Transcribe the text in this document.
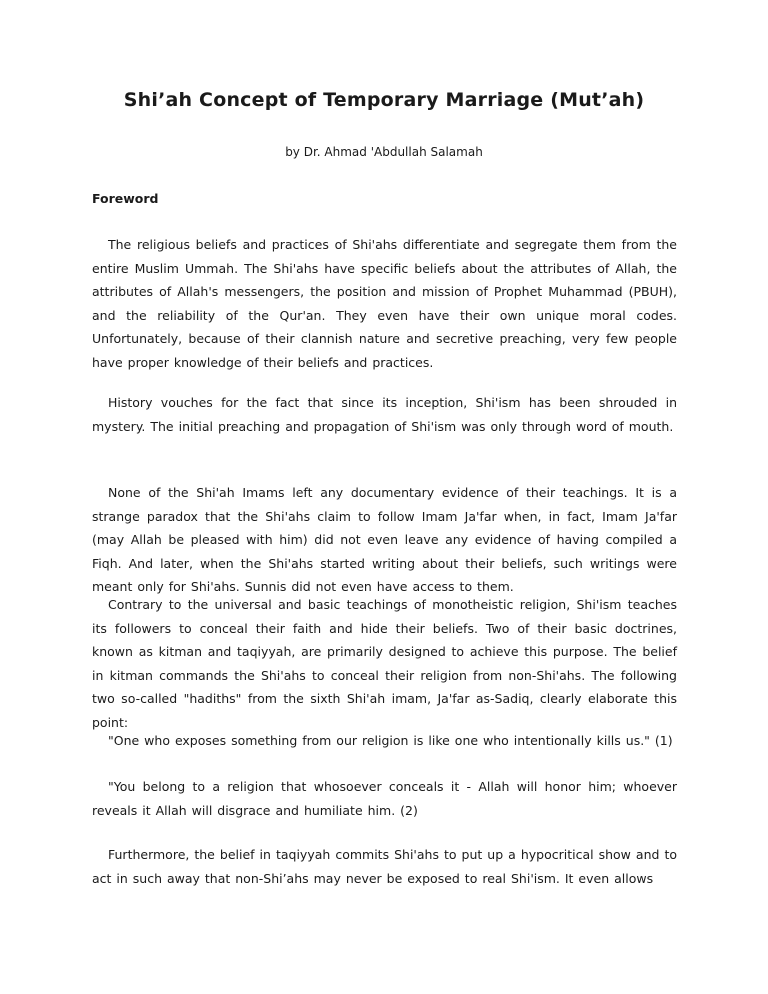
Shi’ah Concept of Temporary Marriage (Mut’ah)

by Dr. Ahmad 'Abdullah Salamah

Foreword

The religious beliefs and practices of Shi'ahs differentiate and segregate them from the entire Muslim Ummah. The Shi'ahs have specific beliefs about the attributes of Allah, the attributes of Allah's messengers, the position and mission of Prophet Muhammad (PBUH), and the reliability of the Qur'an. They even have their own unique moral codes. Unfortunately, because of their clannish nature and secretive preaching, very few people have proper knowledge of their beliefs and practices.

History vouches for the fact that since its inception, Shi'ism has been shrouded in mystery. The initial preaching and propagation of Shi'ism was only through word of mouth.

None of the Shi'ah Imams left any documentary evidence of their teachings. It is a strange paradox that the Shi'ahs claim to follow Imam Ja'far when, in fact, Imam Ja'far (may Allah be pleased with him) did not even leave any evidence of having compiled a Fiqh. And later, when the Shi'ahs started writing about their beliefs, such writings were meant only for Shi'ahs. Sunnis did not even have access to them.

Contrary to the universal and basic teachings of monotheistic religion, Shi'ism teaches its followers to conceal their faith and hide their beliefs. Two of their basic doctrines, known as kitman and taqiyyah, are primarily designed to achieve this purpose. The belief in kitman commands the Shi'ahs to conceal their religion from non-Shi'ahs. The following two so-called "hadiths" from the sixth Shi'ah imam, Ja'far as-Sadiq, clearly elaborate this point:

"One who exposes something from our religion is like one who intentionally kills us." (1)

"You belong to a religion that whosoever conceals it - Allah will honor him; whoever reveals it Allah will disgrace and humiliate him. (2)

Furthermore, the belief in taqiyyah commits Shi'ahs to put up a hypocritical show and to act in such away that non-Shi’ahs may never be exposed to real Shi'ism. It even allows
